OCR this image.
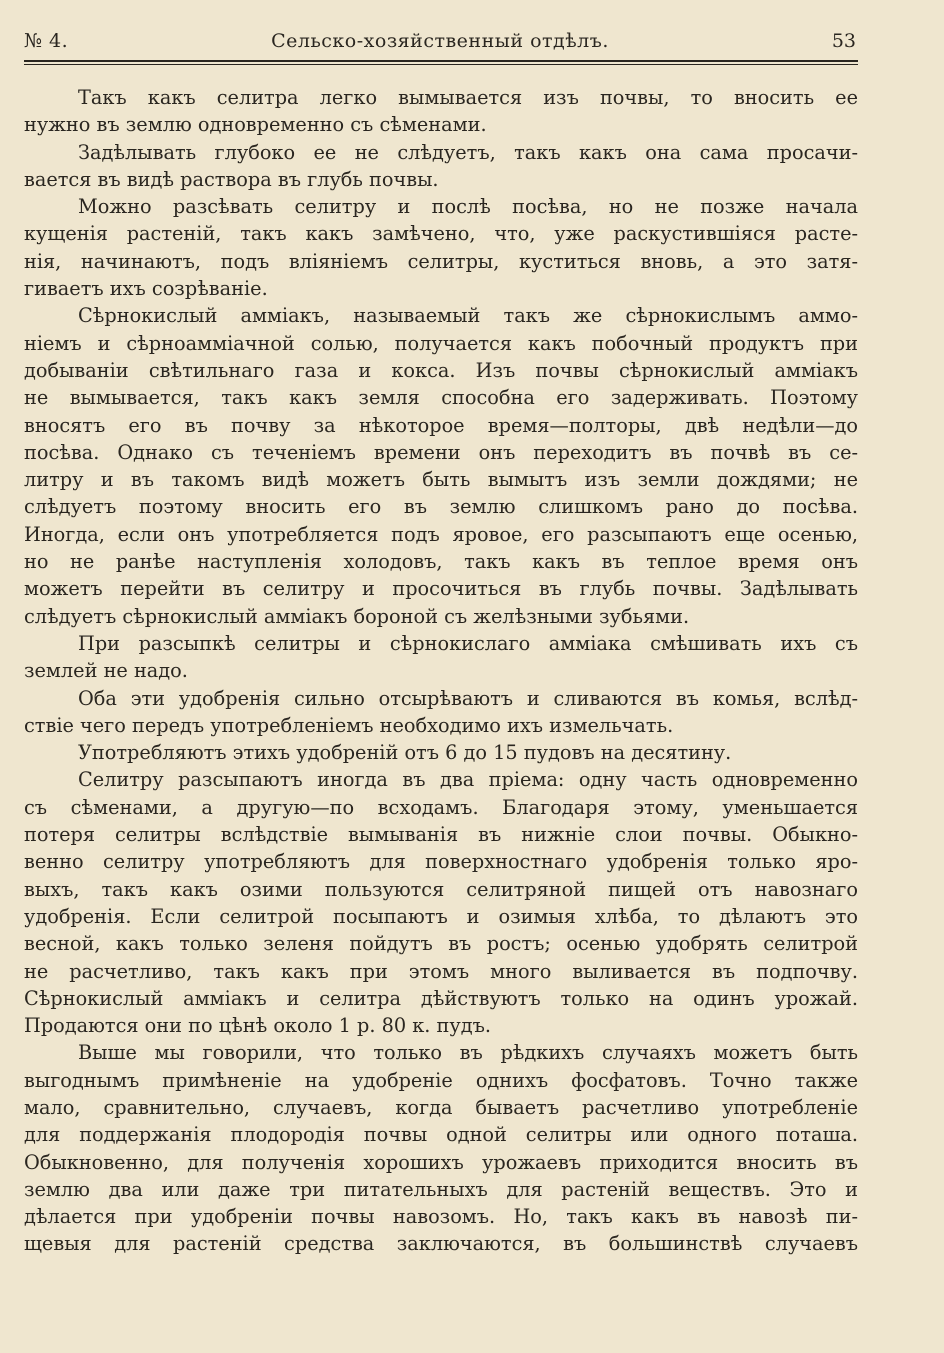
№ 4.	Сельско-хозяйственный отдѣлъ.	53
Такъ какъ селитра легко вымывается изъ почвы, то вносить ее
нужно въ землю одновременно съ сѣменами.
Задѣлывать глубоко ее не слѣдуетъ, такъ какъ она сама просачи-
вается въ видѣ раствора въ глубь почвы.
Можно разсѣвать селитру и послѣ посѣва, но не позже начала
кущенія растеній, такъ какъ замѣчено, что, уже раскустившіяся расте-
нія, начинаютъ, подъ вліяніемъ селитры, куститься вновь, а это затя-
гиваетъ ихъ созрѣваніе.
Сѣрнокислый амміакъ, называемый такъ же сѣрнокислымъ аммо-
ніемъ и сѣрноамміачной солью, получается какъ побочный продуктъ при
добываніи свѣтильнаго газа и кокса. Изъ почвы сѣрнокислый амміакъ
не вымывается, такъ какъ земля способна его задерживать. Поэтому
вносятъ его въ почву за нѣкоторое время—полторы, двѣ недѣли—до
посѣва. Однако съ теченіемъ времени онъ переходитъ въ почвѣ въ се-
литру и въ такомъ видѣ можетъ быть вымытъ изъ земли дождями; не
слѣдуетъ поэтому вносить его въ землю слишкомъ рано до посѣва.
Иногда, если онъ употребляется подъ яровое, его разсыпаютъ еще осенью,
но не ранѣе наступленія холодовъ, такъ какъ въ теплое время онъ
можетъ перейти въ селитру и просочиться въ глубь почвы. Задѣлывать
слѣдуетъ сѣрнокислый амміакъ бороной съ желѣзными зубьями.
При разсыпкѣ селитры и сѣрнокислаго амміака смѣшивать ихъ съ
землей не надо.
Оба эти удобренія сильно отсырѣваютъ и сливаются въ комья, вслѣд-
ствіе чего передъ употребленіемъ необходимо ихъ измельчать.
Употребляютъ этихъ удобреній отъ 6 до 15 пудовъ на десятину.
Селитру разсыпаютъ иногда въ два пріема: одну часть одновременно
съ сѣменами, а другую—по всходамъ. Благодаря этому, уменьшается
потеря селитры вслѣдствіе вымыванія въ нижніе слои почвы. Обыкно-
венно селитру употребляютъ для поверхностнаго удобренія только яро-
выхъ, такъ какъ озими пользуются селитряной пищей отъ навознаго
удобренія. Если селитрой посыпаютъ и озимыя хлѣба, то дѣлаютъ это
весной, какъ только зеленя пойдутъ въ ростъ; осенью удобрять селитрой
не расчетливо, такъ какъ при этомъ много выливается въ подпочву.
Сѣрнокислый амміакъ и селитра дѣйствуютъ только на одинъ урожай.
Продаются они по цѣнѣ около 1 р. 80 к. пудъ.
Выше мы говорили, что только въ рѣдкихъ случаяхъ можетъ быть
выгоднымъ примѣненіе на удобреніе однихъ фосфатовъ. Точно также
мало, сравнительно, случаевъ, когда бываетъ расчетливо употребленіе
для поддержанія плодородія почвы одной селитры или одного поташа.
Обыкновенно, для полученія хорошихъ урожаевъ приходится вносить въ
землю два или даже три питательныхъ для растеній веществъ. Это и
дѣлается при удобреніи почвы навозомъ. Но, такъ какъ въ навозѣ пи-
щевыя для растеній средства заключаются, въ большинствѣ случаевъ
